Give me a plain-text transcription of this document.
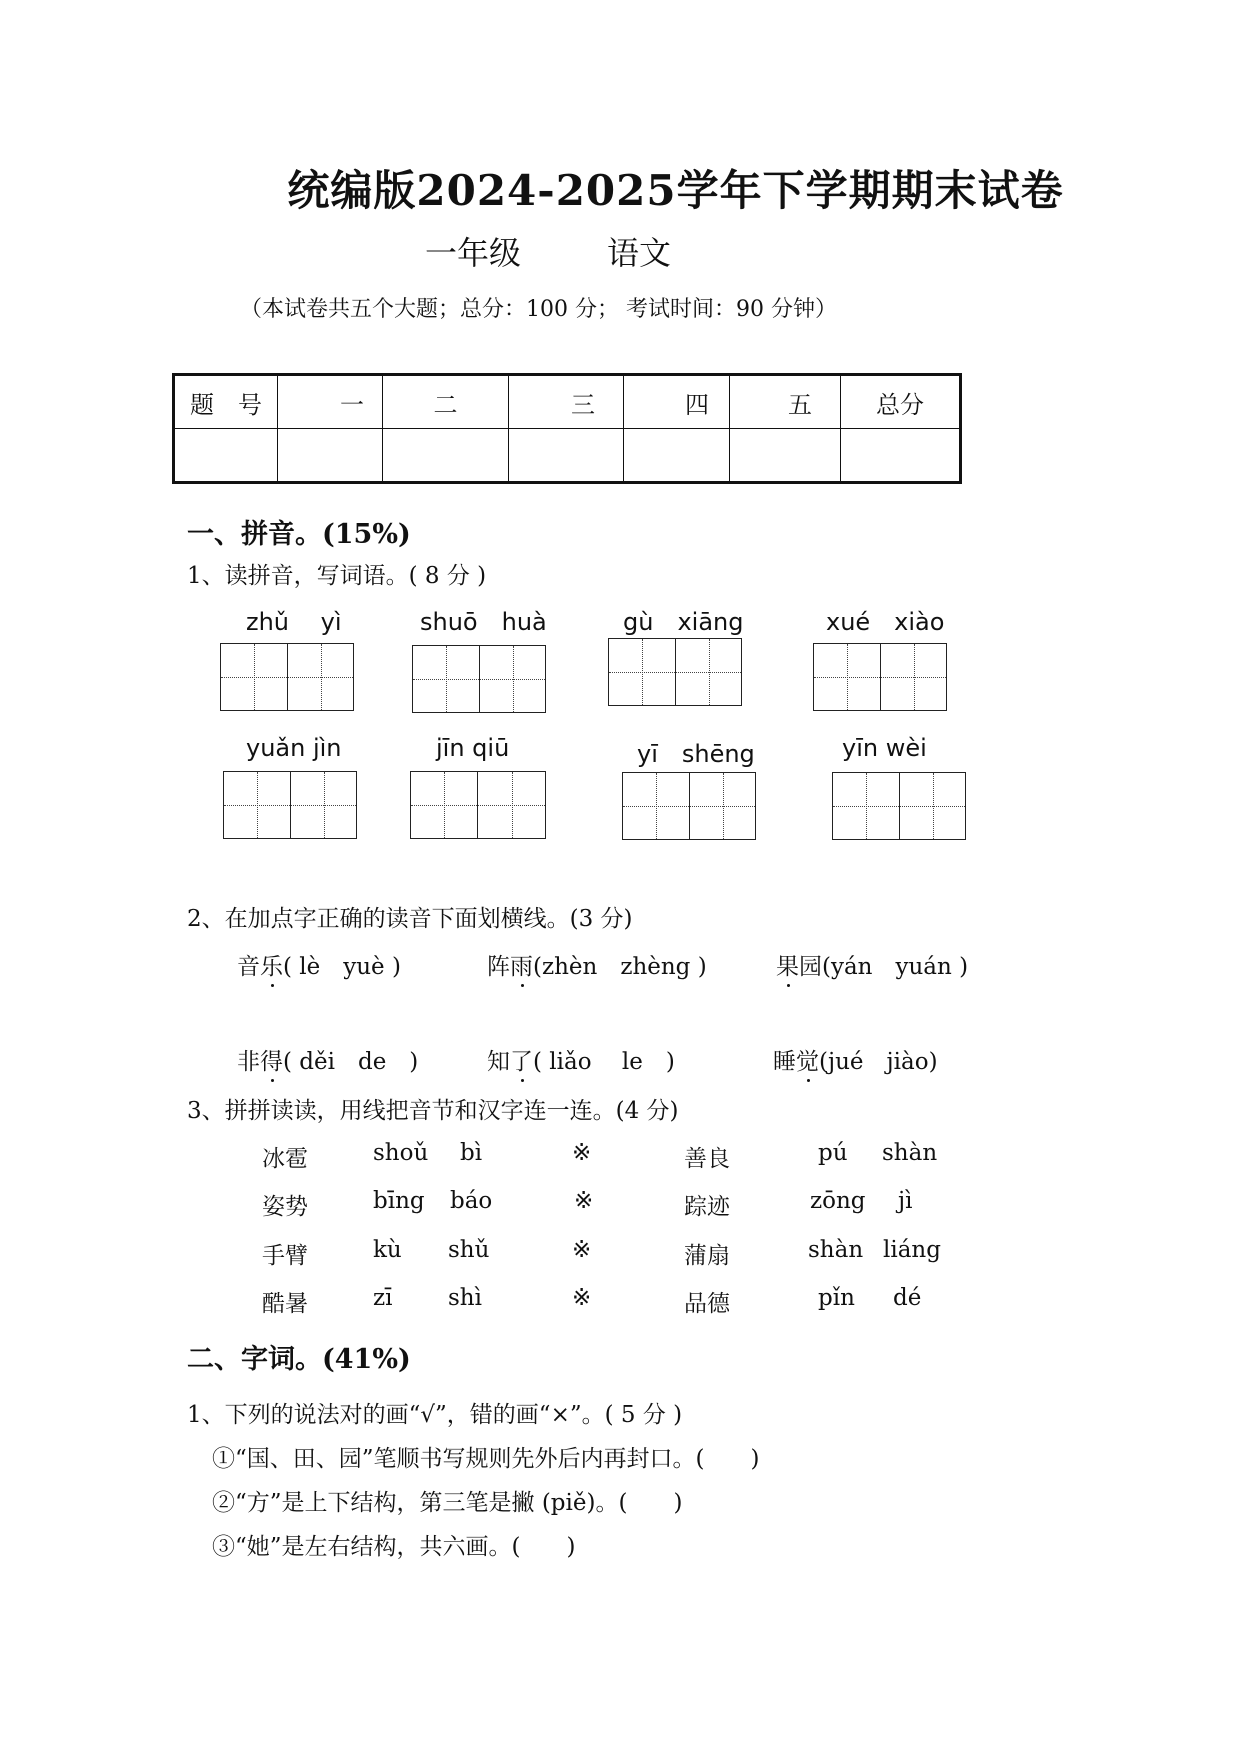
统编版2024-2025学年下学期期末试卷
一年级	语文
（本试卷共五个大题；总分：100 分； 考试时间：90 分钟）
题　号	一	二	三	四	五	总分

一、拼音。(15%)
1、读拼音，写词语。( 8 分 )
zhǔ　 yì	shuō　huà	gù　xiāng	xué　xiào
yuǎn jìn	jīn qiū	yī　shēng	yīn wèi
2、在加点字正确的读音下面划横线。(3 分)
音乐( lè　yuè )	阵雨(zhèn　zhèng )	果园(yán　yuán )
非得( děi　de　)	知了( liǎo　 le　)	睡觉(jué　jiào)
3、拼拼读读，用线把音节和汉字连一连。(4 分)
冰雹	shoǔ bì	※	善良	pú shàn
姿势	bīng báo	※	踪迹	zōng jì
手臂	kù shǔ	※	蒲扇	shàn liáng
酷暑	zī shì	※	品德	pǐn dé
二、字词。(41%)
1、下列的说法对的画“√”，错的画“×”。( 5 分 )
①“国、田、园”笔顺书写规则先外后内再封口。(　　)
②“方”是上下结构，第三笔是撇 (piě)。(　　)
③“她”是左右结构，共六画。(　　)
